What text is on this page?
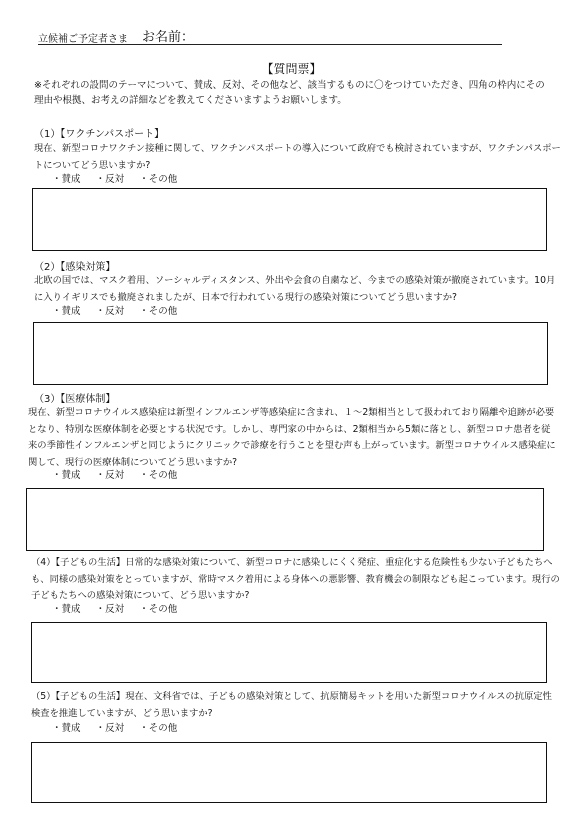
立候補ご予定者さま お名前：
【質問票】
※それぞれの設問のテーマについて、賛成、反対、その他など、該当するものに〇をつけていただき、四角の枠内にその理由や根拠、お考えの詳細などを教えてくださいますようお願いします。
（1）【ワクチンパスポート】
現在、新型コロナワクチン接種に関して、ワクチンパスポートの導入について政府でも検討されていますが、ワクチンパスポートについてどう思いますか?
・賛成 ・反対 ・その他
（2）【感染対策】
北欧の国では、マスク着用、ソーシャルディスタンス、外出や会食の自粛など、今までの感染対策が撤廃されています。10月に入りイギリスでも撤廃されましたが、日本で行われている現行の感染対策についてどう思いますか?
・賛成 ・反対 ・その他
（3）【医療体制】
現在、新型コロナウイルス感染症は新型インフルエンザ等感染症に含まれ、１～2類相当として扱われており隔離や追跡が必要となり、特別な医療体制を必要とする状況です。しかし、専門家の中からは、2類相当から5類に落とし、新型コロナ患者を従来の季節性インフルエンザと同じようにクリニックで診療を行うことを望む声も上がっています。新型コロナウイルス感染症に関して、現行の医療体制についてどう思いますか?
・賛成 ・反対 ・その他
（4）【子どもの生活】日常的な感染対策について、新型コロナに感染しにくく発症、重症化する危険性も少ない子どもたちへも、同様の感染対策をとっていますが、常時マスク着用による身体への悪影響、教育機会の制限なども起こっています。現行の子どもたちへの感染対策について、どう思いますか?
・賛成 ・反対 ・その他
（5）【子どもの生活】現在、文科省では、子どもの感染対策として、抗原簡易キットを用いた新型コロナウイルスの抗原定性検査を推進していますが、どう思いますか?
・賛成 ・反対 ・その他
